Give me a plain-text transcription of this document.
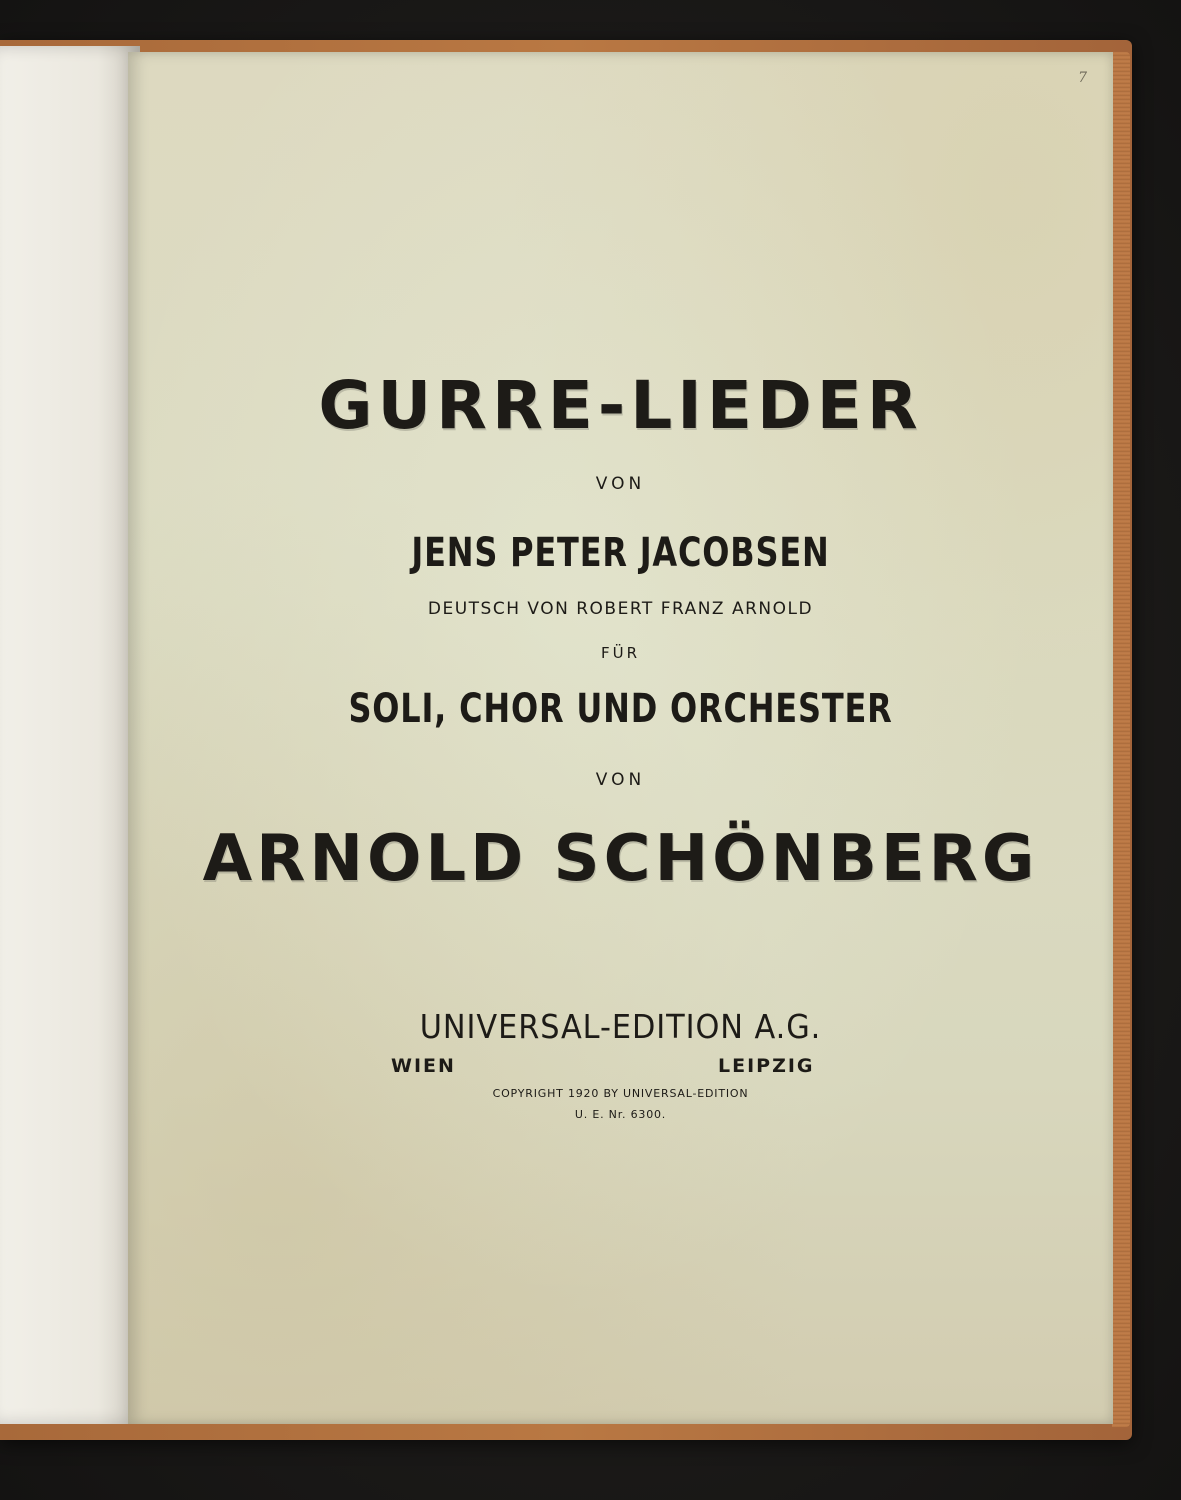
7
GURRE-LIEDER
VON
JENS PETER JACOBSEN
DEUTSCH VON ROBERT FRANZ ARNOLD
FÜR
SOLI, CHOR UND ORCHESTER
VON
ARNOLD SCHÖNBERG
UNIVERSAL-EDITION A.G.
WIEN	LEIPZIG
COPYRIGHT 1920 BY UNIVERSAL-EDITION
U. E. Nr. 6300.
